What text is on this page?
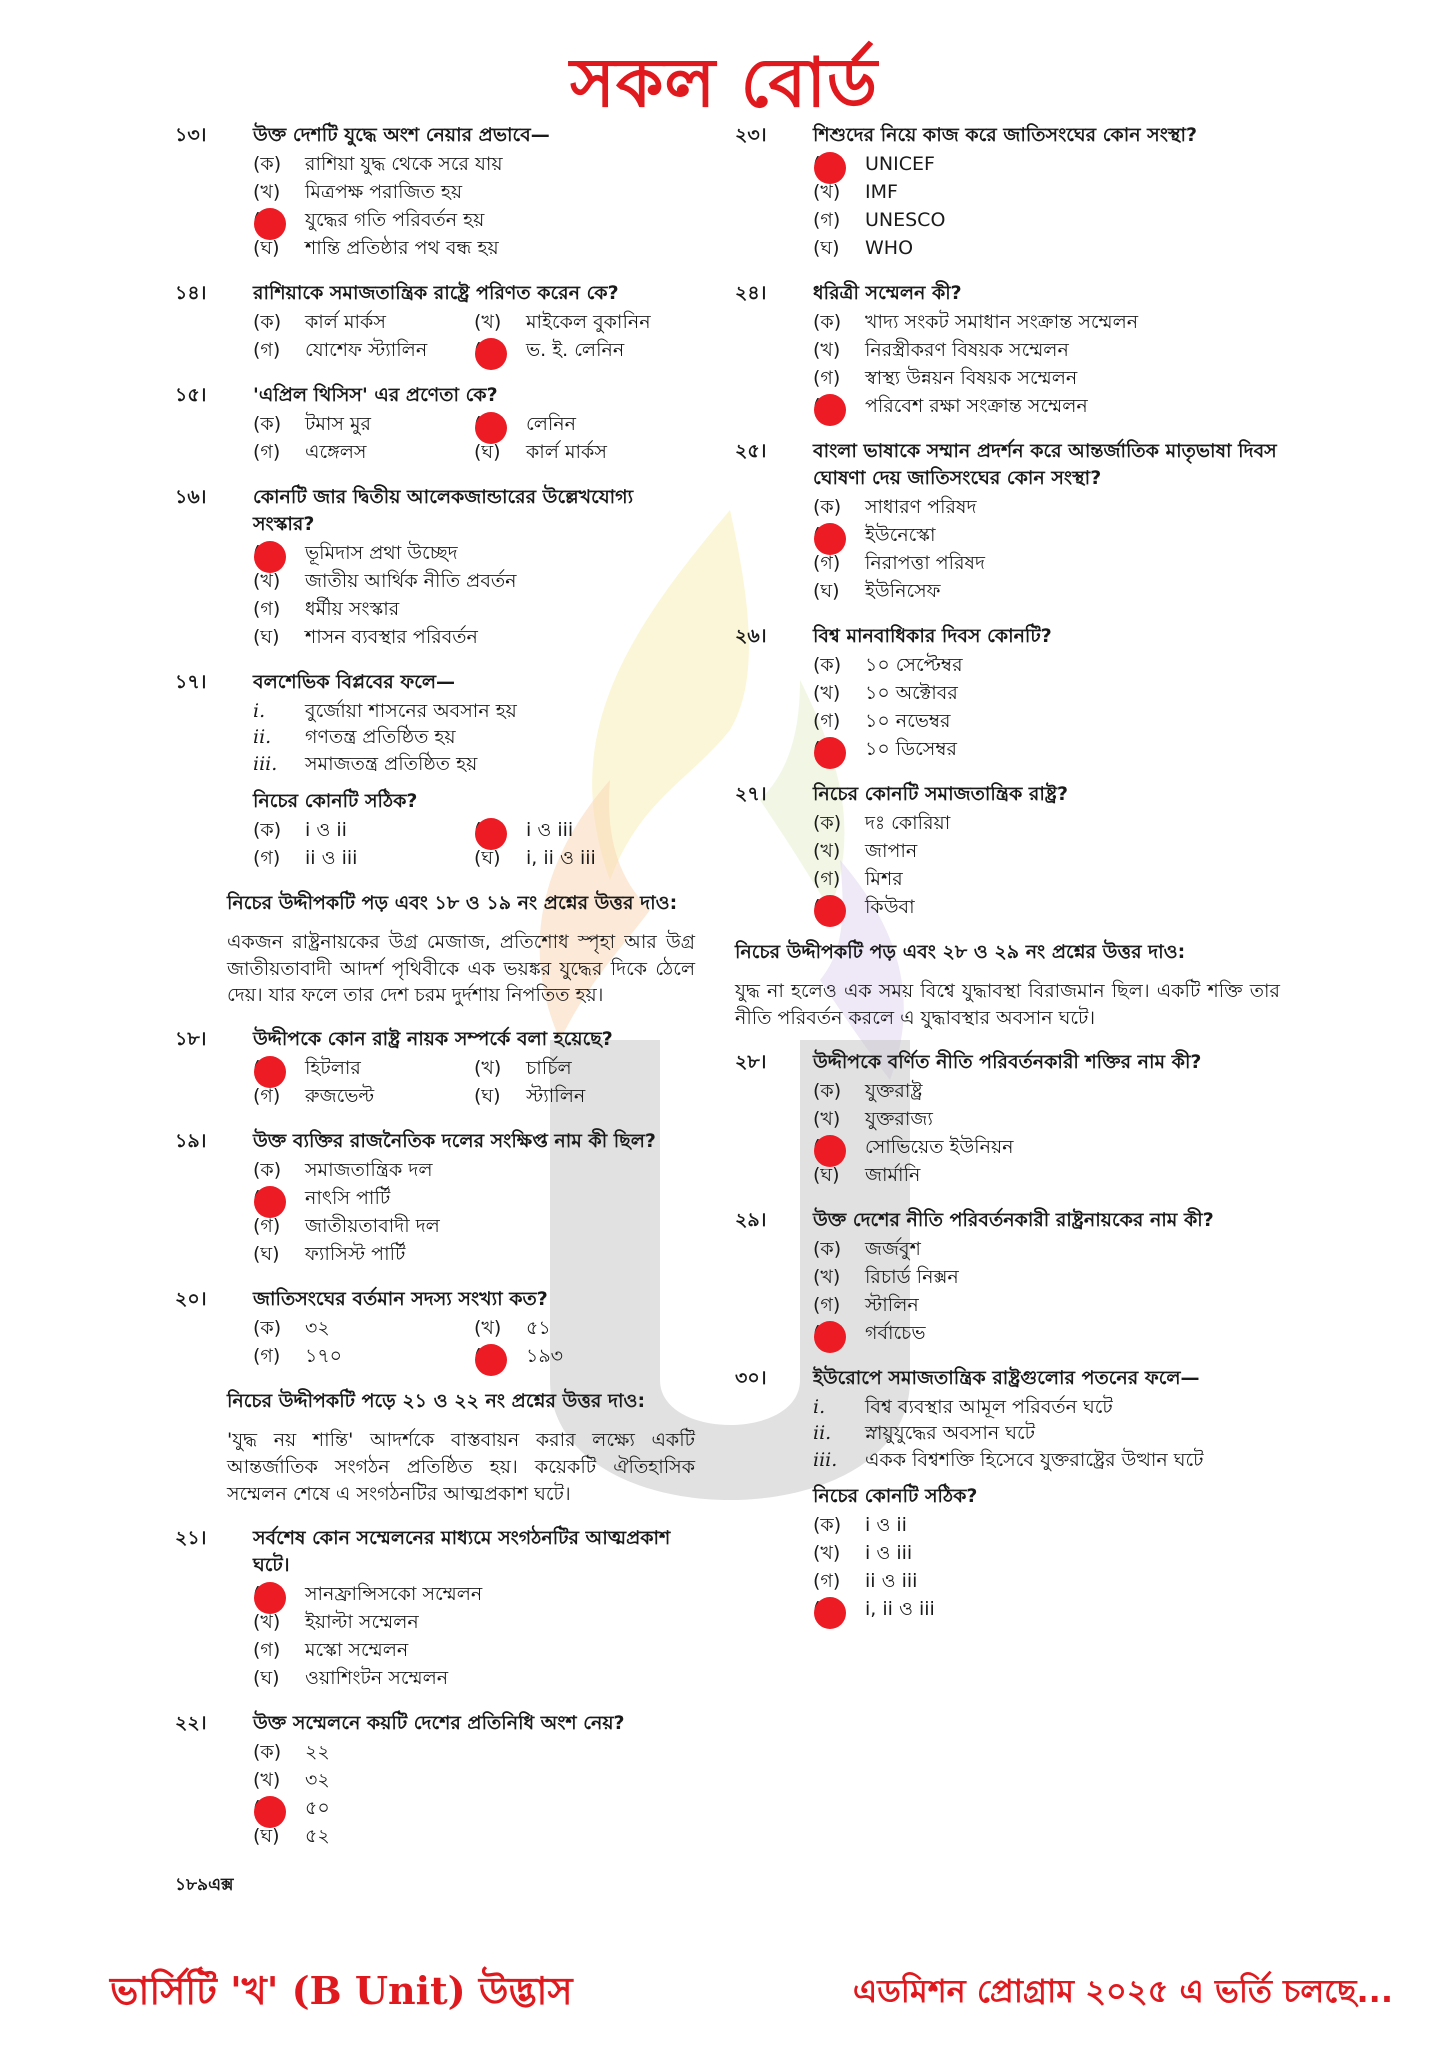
সকল বোর্ড
১৩। উক্ত দেশটি যুদ্ধে অংশ নেয়ার প্রভাবে—
(ক) রাশিয়া যুদ্ধ থেকে সরে যায়
(খ) মিত্রপক্ষ পরাজিত হয়
যুদ্ধের গতি পরিবর্তন হয়
(ঘ) শান্তি প্রতিষ্ঠার পথ বন্ধ হয়
১৪। রাশিয়াকে সমাজতান্ত্রিক রাষ্ট্রে পরিণত করেন কে?
(ক) কার্ল মার্কস	(খ) মাইকেল বুকানিন
(গ) যোশেফ স্ট্যালিন	ভ. ই. লেনিন
১৫। 'এপ্রিল থিসিস' এর প্রণেতা কে?
(ক) টমাস মুর	লেনিন
(গ) এঙ্গেলস	(ঘ) কার্ল মার্কস
১৬। কোনটি জার দ্বিতীয় আলেকজান্ডারের উল্লেখযোগ্য সংস্কার?
ভূমিদাস প্রথা উচ্ছেদ
(খ) জাতীয় আর্থিক নীতি প্রবর্তন
(গ) ধর্মীয় সংস্কার
(ঘ) শাসন ব্যবস্থার পরিবর্তন
১৭। বলশেভিক বিপ্লবের ফলে—
i. বুর্জোয়া শাসনের অবসান হয়
ii. গণতন্ত্র প্রতিষ্ঠিত হয়
iii. সমাজতন্ত্র প্রতিষ্ঠিত হয়
নিচের কোনটি সঠিক?
(ক) i ও ii	i ও iii
(গ) ii ও iii	(ঘ) i, ii ও iii
নিচের উদ্দীপকটি পড় এবং ১৮ ও ১৯ নং প্রশ্নের উত্তর দাও:
একজন রাষ্ট্রনায়কের উগ্র মেজাজ, প্রতিশোধ স্পৃহা আর উগ্র জাতীয়তাবাদী আদর্শ পৃথিবীকে এক ভয়ঙ্কর যুদ্ধের দিকে ঠেলে দেয়। যার ফলে তার দেশ চরম দুর্দশায় নিপতিত হয়।
১৮। উদ্দীপকে কোন রাষ্ট্র নায়ক সম্পর্কে বলা হয়েছে?
হিটলার	(খ) চার্চিল
(গ) রুজভেল্ট	(ঘ) স্ট্যালিন
১৯। উক্ত ব্যক্তির রাজনৈতিক দলের সংক্ষিপ্ত নাম কী ছিল?
(ক) সমাজতান্ত্রিক দল
নাৎসি পার্টি
(গ) জাতীয়তাবাদী দল
(ঘ) ফ্যাসিস্ট পার্টি
২০। জাতিসংঘের বর্তমান সদস্য সংখ্যা কত?
(ক) ৩২	(খ) ৫১
(গ) ১৭০	১৯৩
নিচের উদ্দীপকটি পড়ে ২১ ও ২২ নং প্রশ্নের উত্তর দাও:
'যুদ্ধ নয় শান্তি' আদর্শকে বাস্তবায়ন করার লক্ষ্যে একটি আন্তর্জাতিক সংগঠন প্রতিষ্ঠিত হয়। কয়েকটি ঐতিহাসিক সম্মেলন শেষে এ সংগঠনটির আত্মপ্রকাশ ঘটে।
২১। সর্বশেষ কোন সম্মেলনের মাধ্যমে সংগঠনটির আত্মপ্রকাশ ঘটে।
সানফ্রান্সিসকো সম্মেলন
(খ) ইয়াল্টা সম্মেলন
(গ) মস্কো সম্মেলন
(ঘ) ওয়াশিংটন সম্মেলন
২২। উক্ত সম্মেলনে কয়টি দেশের প্রতিনিধি অংশ নেয়?
(ক) ২২
(খ) ৩২
৫০
(ঘ) ৫২
২৩। শিশুদের নিয়ে কাজ করে জাতিসংঘের কোন সংস্থা?
UNICEF
(খ) IMF
(গ) UNESCO
(ঘ) WHO
২৪। ধরিত্রী সম্মেলন কী?
(ক) খাদ্য সংকট সমাধান সংক্রান্ত সম্মেলন
(খ) নিরস্ত্রীকরণ বিষয়ক সম্মেলন
(গ) স্বাস্থ্য উন্নয়ন বিষয়ক সম্মেলন
পরিবেশ রক্ষা সংক্রান্ত সম্মেলন
২৫। বাংলা ভাষাকে সম্মান প্রদর্শন করে আন্তর্জাতিক মাতৃভাষা দিবস ঘোষণা দেয় জাতিসংঘের কোন সংস্থা?
(ক) সাধারণ পরিষদ
ইউনেস্কো
(গ) নিরাপত্তা পরিষদ
(ঘ) ইউনিসেফ
২৬। বিশ্ব মানবাধিকার দিবস কোনটি?
(ক) ১০ সেপ্টেম্বর
(খ) ১০ অক্টোবর
(গ) ১০ নভেম্বর
১০ ডিসেম্বর
২৭। নিচের কোনটি সমাজতান্ত্রিক রাষ্ট্র?
(ক) দঃ কোরিয়া
(খ) জাপান
(গ) মিশর
কিউবা
নিচের উদ্দীপকটি পড় এবং ২৮ ও ২৯ নং প্রশ্নের উত্তর দাও:
যুদ্ধ না হলেও এক সময় বিশ্বে যুদ্ধাবস্থা বিরাজমান ছিল। একটি শক্তি তার নীতি পরিবর্তন করলে এ যুদ্ধাবস্থার অবসান ঘটে।
২৮। উদ্দীপকে বর্ণিত নীতি পরিবর্তনকারী শক্তির নাম কী?
(ক) যুক্তরাষ্ট্র
(খ) যুক্তরাজ্য
সোভিয়েত ইউনিয়ন
(ঘ) জার্মানি
২৯। উক্ত দেশের নীতি পরিবর্তনকারী রাষ্ট্রনায়কের নাম কী?
(ক) জর্জবুশ
(খ) রিচার্ড নিক্সন
(গ) স্টালিন
গর্বাচেভ
৩০। ইউরোপে সমাজতান্ত্রিক রাষ্ট্রগুলোর পতনের ফলে—
i. বিশ্ব ব্যবস্থার আমূল পরিবর্তন ঘটে
ii. স্নায়ুযুদ্ধের অবসান ঘটে
iii. একক বিশ্বশক্তি হিসেবে যুক্তরাষ্ট্রের উত্থান ঘটে
নিচের কোনটি সঠিক?
(ক) i ও ii
(খ) i ও iii
(গ) ii ও iii
i, ii ও iii
১৮৯এক্স
ভার্সিটি 'খ' (B Unit) উদ্ভাস	এডমিশন প্রোগ্রাম ২০২৫ এ ভর্তি চলছে...
